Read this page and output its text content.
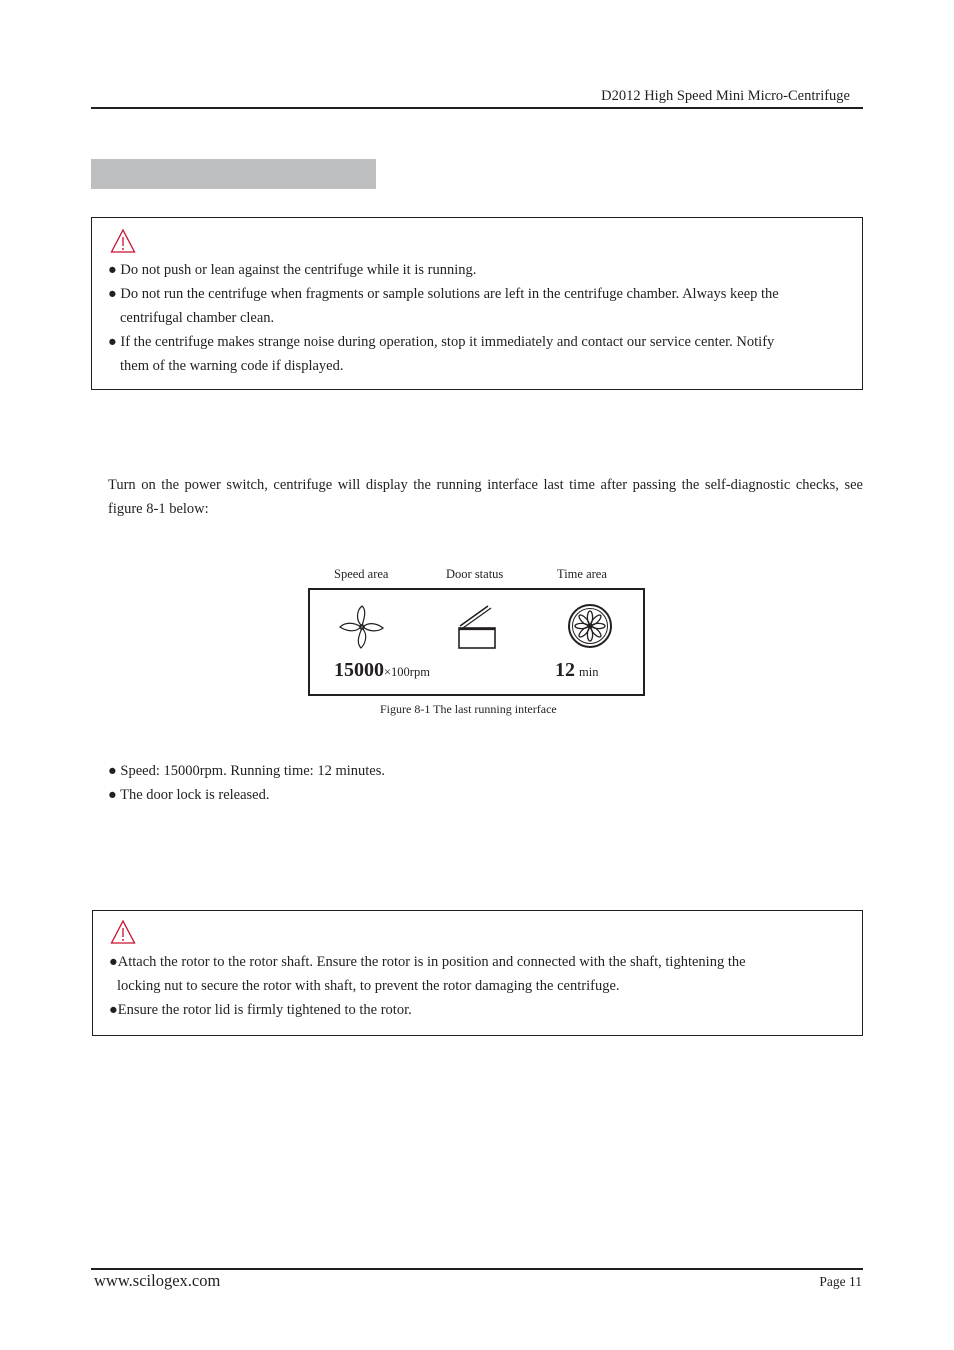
D2012 High Speed Mini Micro-Centrifuge
● Do not push or lean against the centrifuge while it is running.
● Do not run the centrifuge when fragments or sample solutions are left in the centrifuge chamber. Always keep the
centrifugal chamber clean.
● If the centrifuge makes strange noise during operation, stop it immediately and contact our service center. Notify
them of the warning code if displayed.
Turn on the power switch, centrifuge will display the running interface last time after passing the self-diagnostic checks, see figure 8-1 below:
Speed area	Door status	Time area
15000×100rpm	12 min
Figure 8-1 The last running interface
● Speed: 15000rpm. Running time: 12 minutes.
● The door lock is released.
●Attach the rotor to the rotor shaft. Ensure the rotor is in position and connected with the shaft, tightening the
locking nut to secure the rotor with shaft, to prevent the rotor damaging the centrifuge.
●Ensure the rotor lid is firmly tightened to the rotor.
www.scilogex.com	Page 11
